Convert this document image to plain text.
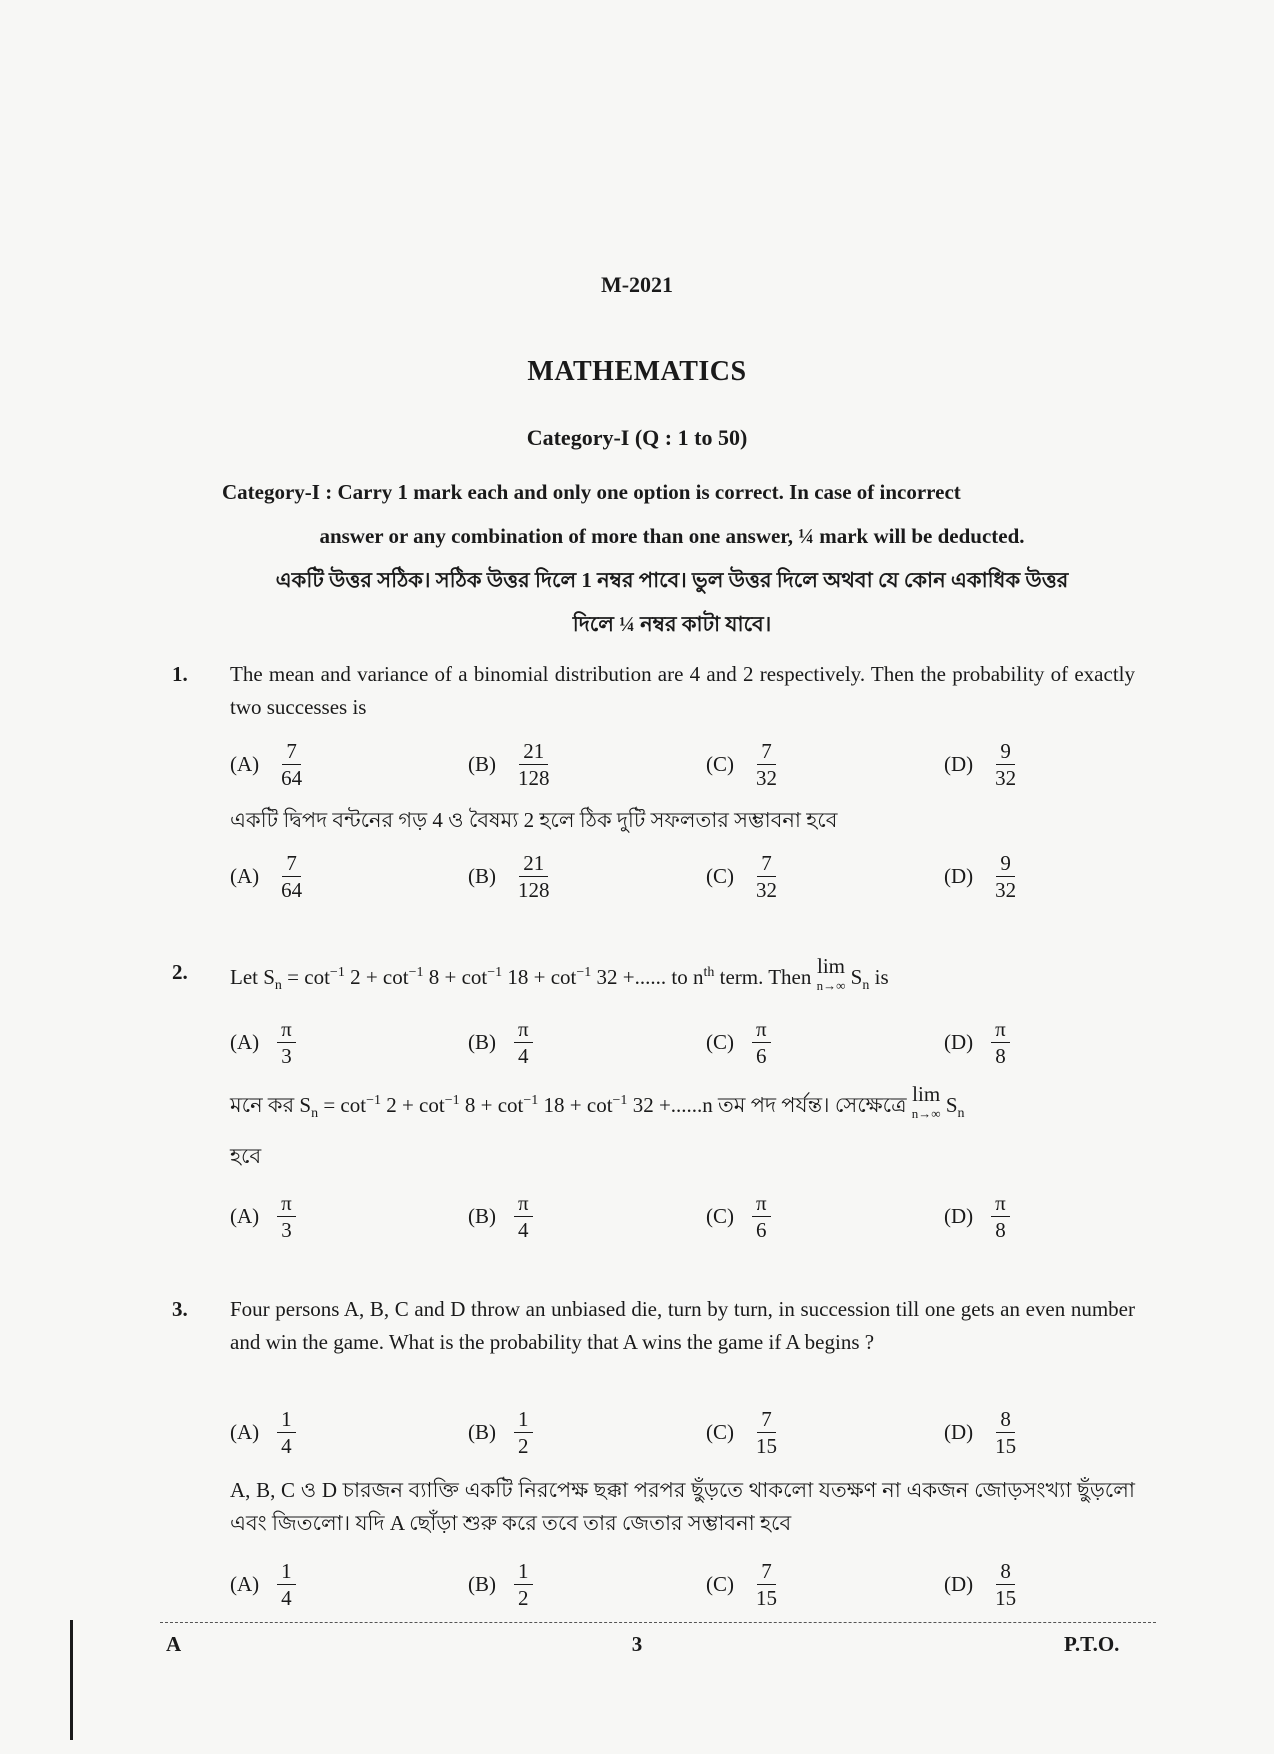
M-2021
MATHEMATICS
Category-I (Q : 1 to 50)
Category-I : Carry 1 mark each and only one option is correct. In case of incorrect
answer or any combination of more than one answer, ¼ mark will be deducted.
একটি উত্তর সঠিক। সঠিক উত্তর দিলে 1 নম্বর পাবে। ভুল উত্তর দিলে অথবা যে কোন একাধিক উত্তর
দিলে ¼ নম্বর কাটা যাবে।
1. The mean and variance of a binomial distribution are 4 and 2 respectively. Then the probability of exactly two successes is
$(A) \frac{7}{64}$	$(B) \frac{21}{128}$	$(C) \frac{7}{32}$	$(D) \frac{9}{32}$
একটি দ্বিপদ বন্টনের গড় 4 ও বৈষম্য 2 হলে ঠিক দুটি সফলতার সম্ভাবনা হবে
$(A) \frac{7}{64}$	$(B) \frac{21}{128}$	$(C) \frac{7}{32}$	$(D) \frac{9}{32}$
2. Let $S_n = \cot^{-1} 2 + \cot^{-1} 8 + \cot^{-1} 18 + \cot^{-1} 32$ +...... to $n^{th}$ term. Then lim
n→∞ $S_n$ is
$(A) \frac{\pi}{3}$	$(B) \frac{\pi}{4}$	$(C) \frac{\pi}{6}$	$(D) \frac{\pi}{8}$
মনে কর $S_n = \cot^{-1} 2 + \cot^{-1} 8 + \cot^{-1} 18 + \cot^{-1} 32 +......n$ তম পদ পর্যন্ত। সেক্ষেত্রে lim
n→∞ $S_n$
হবে
$(A) \frac{\pi}{3}$	$(B) \frac{\pi}{4}$	$(C) \frac{\pi}{6}$	$(D) \frac{\pi}{8}$
3. Four persons A, B, C and D throw an unbiased die, turn by turn, in succession till one gets an even number and win the game. What is the probability that A wins the game if A begins ?
$(A) \frac{1}{4}$	$(B) \frac{1}{2}$	$(C) \frac{7}{15}$	$(D) \frac{8}{15}$
A, B, C ও D চারজন ব্যাক্তি একটি নিরপেক্ষ ছক্কা পরপর ছুঁড়তে থাকলো যতক্ষণ না একজন জোড়সংখ্যা ছুঁড়লো এবং জিতলো। যদি A ছোঁড়া শুরু করে তবে তার জেতার সম্ভাবনা হবে
$(A) \frac{1}{4}$	$(B) \frac{1}{2}$	$(C) \frac{7}{15}$	$(D) \frac{8}{15}$
A	3	P.T.O.
